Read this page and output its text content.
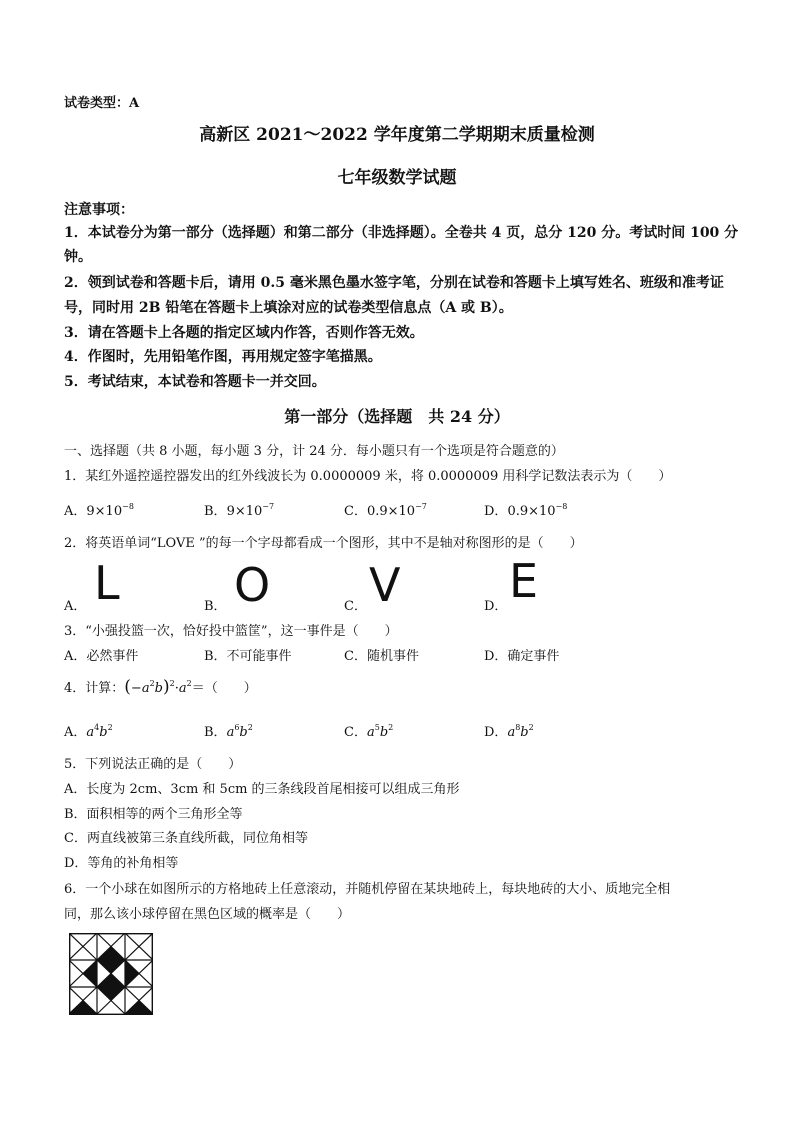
试卷类型：A
高新区 2021～2022 学年度第二学期期末质量检测
七年级数学试题
注意事项：
1．本试卷分为第一部分（选择题）和第二部分（非选择题）。全卷共 4 页，总分 120 分。考试时间 100 分
钟。
2．领到试卷和答题卡后，请用 0.5 毫米黑色墨水签字笔，分别在试卷和答题卡上填写姓名、班级和准考证
号，同时用 2B 铅笔在答题卡上填涂对应的试卷类型信息点（A 或 B）。
3．请在答题卡上各题的指定区域内作答，否则作答无效。
4．作图时，先用铅笔作图，再用规定签字笔描黑。
5．考试结束，本试卷和答题卡一并交回。
第一部分（选择题　共 24 分）
一、选择题（共 8 小题，每小题 3 分，计 24 分．每小题只有一个选项是符合题意的）
1．某红外遥控遥控器发出的红外线波长为 0.0000009 米，将 0.0000009 用科学记数法表示为（　　）
A．$9\times 10^{-8}$	B．$9\times 10^{-7}$	C．$0.9\times 10^{-7}$	D．$0.9\times 10^{-8}$
2．将英语单词“LOVE ”的每一个字母都看成一个图形，其中不是轴对称图形的是（　　）
A． L	B． O	C． V	D． E
3．“小强投篮一次，恰好投中篮筐”，这一事件是（　　）
A．必然事件	B．不可能事件	C．随机事件	D．确定事件
4．计算：$(-a^2b)^2\cdot a^2=$（　　）
A．$a^4b^2$	B．$a^6b^2$	C．$a^5b^2$	D．$a^8b^2$
5．下列说法正确的是（　　）
A．长度为 2cm、3cm 和 5cm 的三条线段首尾相接可以组成三角形
B．面积相等的两个三角形全等
C．两直线被第三条直线所截，同位角相等
D．等角的补角相等
6．一个小球在如图所示的方格地砖上任意滚动，并随机停留在某块地砖上，每块地砖的大小、质地完全相
同，那么该小球停留在黑色区域的概率是（　　）
